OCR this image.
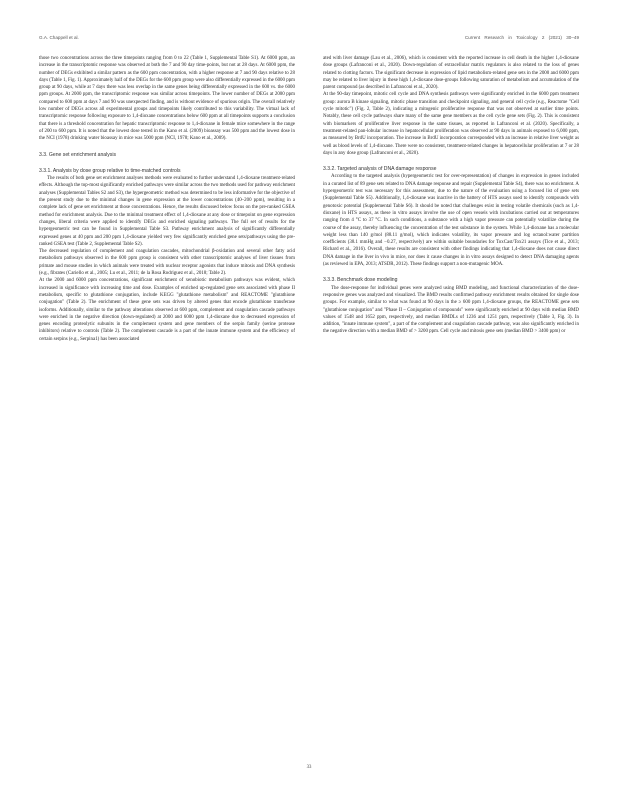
G.A. Chappell et al.	Current Research in Toxicology 2 (2021) 30–49

those two concentrations across the three timepoints ranging from 0 to 22 (Table 1, Supplemental Table S1). At 6000 ppm, an increase in the transcriptomic response was observed at both the 7 and 90 day time-points, but not at 28 days. At 6000 ppm, the number of DEGs exhibited a similar pattern as the 600 ppm concentration, with a higher response at 7 and 90 days relative to 28 days (Table 1, Fig. 1). Approximately half of the DEGs for the 600 ppm group were also differentially expressed in the 6000 ppm group at 90 days, while at 7 days there was less overlap in the same genes being differentially expressed in the 600 vs. the 6000 ppm groups. At 2000 ppm, the transcriptomic response was similar across timepoints. The lower number of DEGs at 2000 ppm compared to 600 ppm at days 7 and 90 was unexpected finding, and is without evidence of spurious origin. The overall relatively low number of DEGs across all experimental groups and timepoints likely contributed to this variability. The virtual lack of transcriptomic response following exposure to 1,4-dioxane concentrations below 600 ppm at all timepoints supports a conclusion that there is a threshold concentration for hepatic transcriptomic response to 1,4-dioxane in female mice somewhere in the range of 200 to 600 ppm. It is noted that the lowest dose tested in the Kano et al. (2009) bioassay was 500 ppm and the lowest dose in the NCI (1978) drinking water bioassay in mice was 5000 ppm (NCI, 1978; Kano et al., 2009).

3.3. Gene set enrichment analysis

3.3.1. Analysis by dose group relative to time-matched controls

The results of both gene set enrichment analyses methods were evaluated to further understand 1,4-dioxane treatment-related effects. Although the top-most significantly enriched pathways were similar across the two methods used for pathway enrichment analyses (Supplemental Tables S2 and S3), the hypergeometric method was determined to be less informative for the objective of the present study due to the minimal changes in gene expression at the lower concentrations (40–200 ppm), resulting in a complete lack of gene set enrichment at those concentrations. Hence, the results discussed below focus on the pre-ranked GSEA method for enrichment analysis. Due to the minimal treatment effect of 1,4-dioxane at any dose or timepoint on gene expression changes, liberal criteria were applied to identify DEGs and enriched signaling pathways. The full set of results for the hypergeometric test can be found in Supplemental Table S3. Pathway enrichment analysis of significantly differentially expressed genes at 40 ppm and 200 ppm 1,4-dioxane yielded very few significantly enriched gene sets/pathways using the pre-ranked GSEA test (Table 2, Supplemental Table S2).

The decreased regulation of complement and coagulation cascades, mitochondrial β-oxidation and several other fatty acid metabolism pathways observed in the 600 ppm group is consistent with other transcriptomic analyses of liver tissues from primate and mouse studies in which animals were treated with nuclear receptor agonists that induce mitosis and DNA synthesis (e.g., fibrates (Cariello et al., 2005; Lu et al., 2011; de la Rosa Rodriguez et al., 2018; Table 2).

At the 2000 and 6000 ppm concentrations, significant enrichment of xenobiotic metabolism pathways was evident, which increased in significance with increasing time and dose. Examples of enriched up-regulated gene sets associated with phase II metabolism, specific to glutathione conjugation, include KEGG "glutathione metabolism" and REACTOME "glutathione conjugation" (Table 2). The enrichment of these gene sets was driven by altered genes that encode glutathione transferase isoforms. Additionally, similar to the pathway alterations observed at 600 ppm, complement and coagulation cascade pathways were enriched in the negative direction (down-regulated) at 2000 and 6000 ppm 1,4-dioxane due to decreased expression of genes encoding proteolytic subunits in the complement system and gene members of the serpin family (serine protease inhibitors) relative to controls (Table 2). The complement cascade is a part of the innate immune system and the efficiency of certain serpins (e.g., Serpina1) has been associated

ated with liver damage (Lau et al., 2006), which is consistent with the reported increase in cell death in the higher 1,4-dioxane dose groups (Lafranconi et al., 2020). Down-regulation of extracellular matrix regulators is also related to the loss of genes related to clotting factors. The significant decrease in expression of lipid metabolism-related gene sets in the 2000 and 6000 ppm may be related to liver injury in these high 1,4-dioxane dose-groups following saturation of metabolism and accumulation of the parent compound (as described in Lafranconi et al., 2020).

At the 90-day timepoint, mitotic cell cycle and DNA synthesis pathways were significantly enriched in the 6000 ppm treatment group: aurora B kinase signaling, mitotic phase transition and checkpoint signaling, and general cell cycle (e.g., Reactome "Cell cycle mitotic") (Fig. 2, Table 2), indicating a mitogenic proliferative response that was not observed at earlier time points. Notably, these cell cycle pathways share many of the same gene members as the cell cycle gene sets (Fig. 2). This is consistent with biomarkers of proliferative liver response in the same tissues, as reported in Lafranconi et al. (2020). Specifically, a treatment-related pan-lobular increase in hepatocellular proliferation was observed at 90 days in animals exposed to 6,000 ppm, as measured by BrdU incorporation. The increase in BrdU incorporation corresponded with an increase in relative liver weight as well as blood levels of 1,4-dioxane. There were no consistent, treatment-related changes in hepatocellular proliferation at 7 or 28 days in any dose group (Lafranconi et al., 2020).

3.3.2. Targeted analysis of DNA damage response

According to the targeted analysis (hypergeometric test for over-representation) of changes in expression in genes included in a curated list of 89 gene sets related to DNA damage response and repair (Supplemental Table S4), there was no enrichment. A hypergeometric test was necessary for this assessment, due to the nature of the evaluation using a focused list of gene sets (Supplemental Table S5). Additionally, 1,4-dioxane was inactive in the battery of HTS assays used to identify compounds with genotoxic potential (Supplemental Table S6). It should be noted that challenges exist in testing volatile chemicals (such as 1,4-dioxane) in HTS assays, as these in vitro assays involve the use of open vessels with incubations carried out at temperatures ranging from 4 °C to 37 °C. In such conditions, a substance with a high vapor pressure can potentially volatilize during the course of the assay, thereby influencing the concentration of the test substance in the system. While 1,4-dioxane has a molecular weight less than 140 g/mol (88.11 g/mol), which indicates volatility, its vapor pressure and log octanol:water partition coefficients (38.1 mmHg and −0.27, respectively) are within suitable boundaries for ToxCast/Tox21 assays (Tice et al., 2013; Richard et al., 2016). Overall, these results are consistent with other findings indicating that 1,4-dioxane does not cause direct DNA damage in the liver in vivo in mice, nor does it cause changes in in vitro assays designed to detect DNA damaging agents (as reviewed in EPA, 2013; ATSDR, 2012). These findings support a non-mutagenic MOA.

3.3.3. Benchmark dose modeling

The dose-response for individual genes were analyzed using BMD modeling, and functional characterization of the dose-responsive genes was analyzed and visualized. The BMD results confirmed pathway enrichment results obtained for single dose groups. For example, similar to what was found at 90 days in the ≥ 600 ppm 1,4-dioxane groups, the REACTOME gene sets "glutathione conjugation" and "Phase II – Conjugation of compounds" were significantly enriched at 90 days with median BMD values of 1548 and 1652 ppm, respectively, and median BMDLs of 1236 and 1251 ppm, respectively (Table 3, Fig. 3). In addition, "innate immune system", a part of the complement and coagulation cascade pathway, was also significantly enriched in the negative direction with a median BMD of > 3200 ppm. Cell cycle and mitosis gene sets (median BMD > 3400 ppm) or

33
